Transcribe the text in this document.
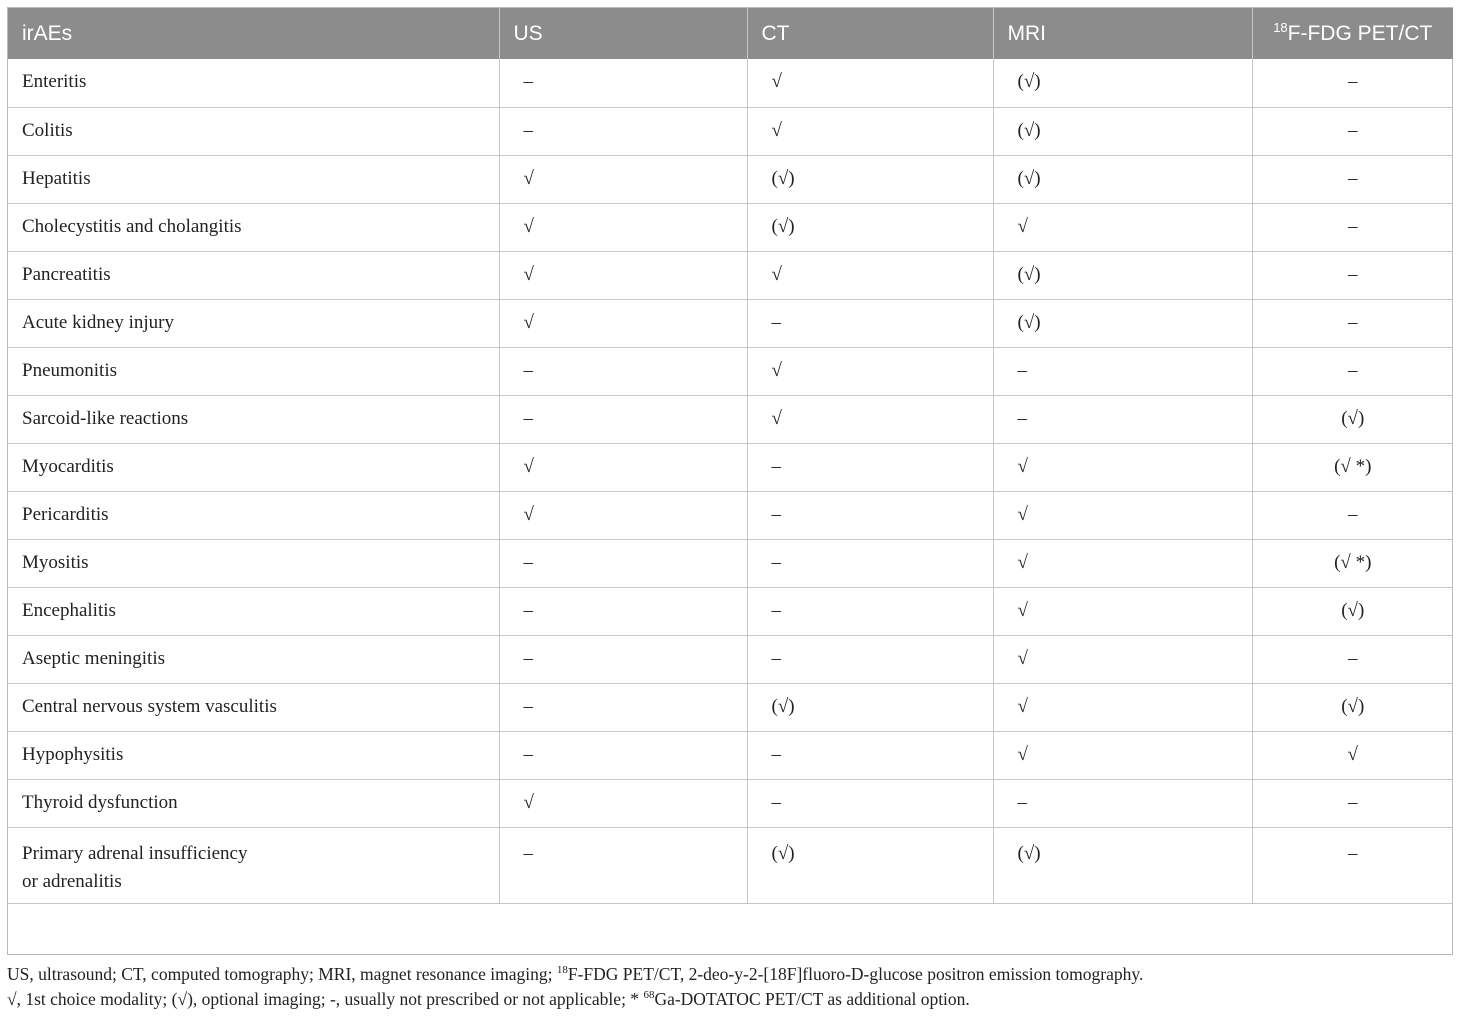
irAEs	US	CT	MRI	$^{18}$F-FDG PET/CT
Enteritis	–	√	(√)	–
Colitis	–	√	(√)	–
Hepatitis	√	(√)	(√)	–
Cholecystitis and cholangitis	√	(√)	√	–
Pancreatitis	√	√	(√)	–
Acute kidney injury	√	–	(√)	–
Pneumonitis	–	√	–	–
Sarcoid-like reactions	–	√	–	(√)
Myocarditis	√	–	√	(√ *)
Pericarditis	√	–	√	–
Myositis	–	–	√	(√ *)
Encephalitis	–	–	√	(√)
Aseptic meningitis	–	–	√	–
Central nervous system vasculitis	–	(√)	√	(√)
Hypophysitis	–	–	√	√
Thyroid dysfunction	√	–	–	–

Primary adrenal insufficiency
or adrenalitis	–	(√)	(√)	–
US, ultrasound; CT, computed tomography; MRI, magnet resonance imaging; $^{18}$F-FDG PET/CT, 2-deo-y-2-[18F]fluoro-D-glucose positron emission tomography.
√, 1st choice modality; (√), optional imaging; -, usually not prescribed or not applicable; * $^{68}$Ga-DOTATOC PET/CT as additional option.
